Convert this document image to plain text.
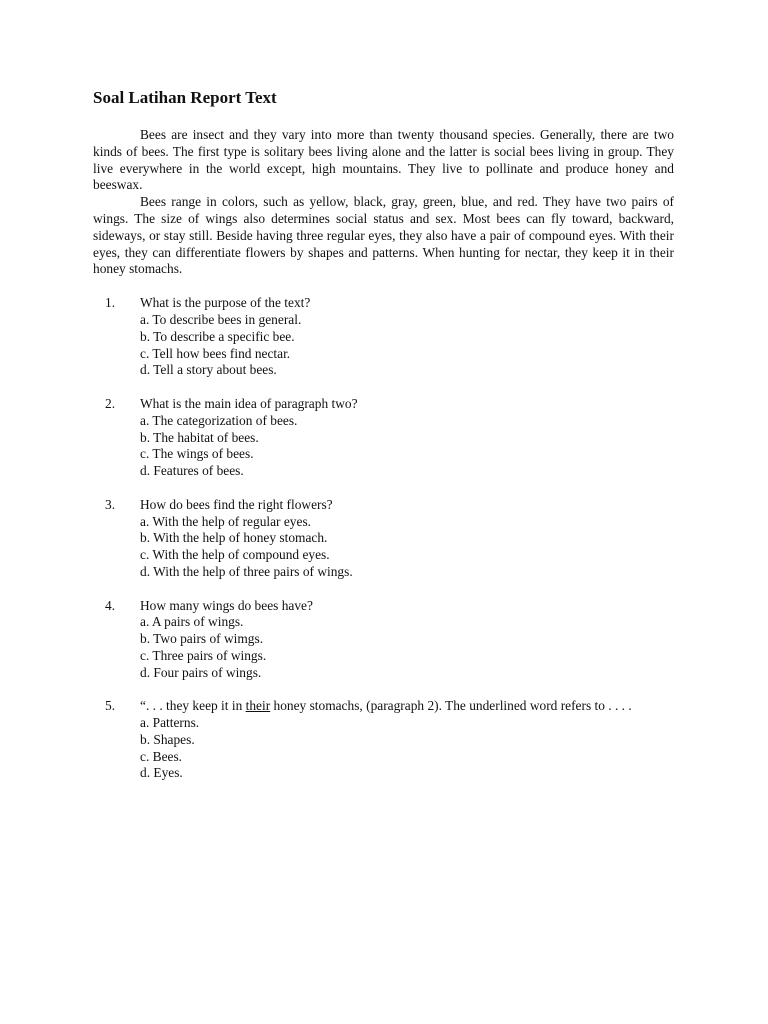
Soal Latihan Report Text

Bees are insect and they vary into more than twenty thousand species. Generally, there are two kinds of bees. The first type is solitary bees living alone and the latter is social bees living in group. They live everywhere in the world except, high mountains. They live to pollinate and produce honey and beeswax.

Bees range in colors, such as yellow, black, gray, green, blue, and red. They have two pairs of wings. The size of wings also determines social status and sex. Most bees can fly toward, backward, sideways, or stay still. Beside having three regular eyes, they also have a pair of compound eyes. With their eyes, they can differentiate flowers by shapes and patterns. When hunting for nectar, they keep it in their honey stomachs.

1. What is the purpose of the text?
a. To describe bees in general.
b. To describe a specific bee.
c. Tell how bees find nectar.
d. Tell a story about bees.
2. What is the main idea of paragraph two?
a. The categorization of bees.
b. The habitat of bees.
c. The wings of bees.
d. Features of bees.
3. How do bees find the right flowers?
a. With the help of regular eyes.
b. With the help of honey stomach.
c. With the help of compound eyes.
d. With the help of three pairs of wings.
4. How many wings do bees have?
a. A pairs of wings.
b. Two pairs of wimgs.
c. Three pairs of wings.
d. Four pairs of wings.
5. “. . . they keep it in their honey stomachs, (paragraph 2). The underlined word refers to . . . .
a. Patterns.
b. Shapes.
c. Bees.
d. Eyes.
